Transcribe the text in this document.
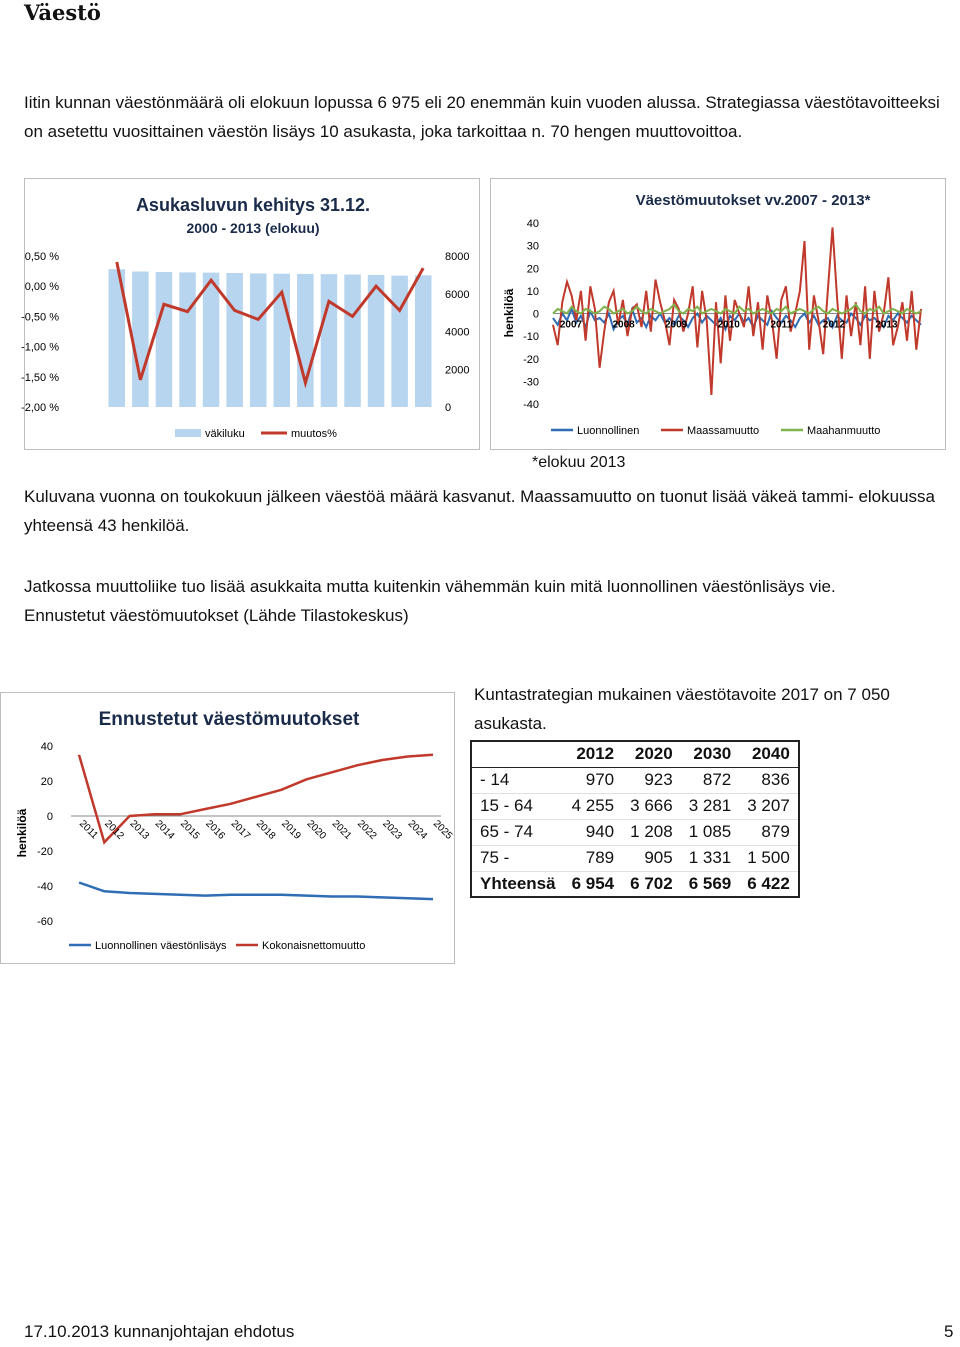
Väestö
Iitin kunnan väestönmäärä oli elokuun lopussa 6 975 eli 20 enemmän kuin vuoden alussa. Strategiassa väestötavoitteeksi on asetettu vuosittainen väestön lisäys 10 asukasta, joka tarkoittaa n. 70 hengen muuttovoittoa.
Asukasluvun kehitys 31.12.
2000 - 2013 (elokuu)
0,50 %
0,00 %
-0,50 %
-1,00 %
-1,50 %
-2,00 %
8000
6000
4000
2000
0
väkiluku	muutos%
Väestömuutokset vv.2007 - 2013*
henkilöä
40
30
20
10
0
-10
-20
-30
-40
2007	2008	2009	2010	2011	2012	2013
Luonnollinen	Maassamuutto	Maahanmuutto
*elokuu 2013
Kuluvana vuonna on toukokuun jälkeen väestöä määrä kasvanut. Maassamuutto on tuonut lisää väkeä tammi- elokuussa yhteensä 43 henkilöä.
Jatkossa muuttoliike tuo lisää asukkaita mutta kuitenkin vähemmän kuin mitä luonnollinen väestönlisäys vie.
Ennustetut väestömuutokset (Lähde Tilastokeskus)
Ennustetut väestömuutokset
henkilöä
40
20
0
-20
-40
-60
2011 2012 2013 2014 2015 2016 2017 2018 2019 2020 2021 2022 2023 2024 2025
Luonnollinen väestönlisäys	Kokonaisnettomuutto
Kuntastrategian mukainen väestötavoite 2017 on 7 050 asukasta.
	2012	2020	2030	2040
- 14	970	923	872	836
15 - 64	4 255	3 666	3 281	3 207
65 - 74	940	1 208	1 085	879
75 -	789	905	1 331	1 500
Yhteensä	6 954	6 702	6 569	6 422
17.10.2013 kunnanjohtajan ehdotus	5
